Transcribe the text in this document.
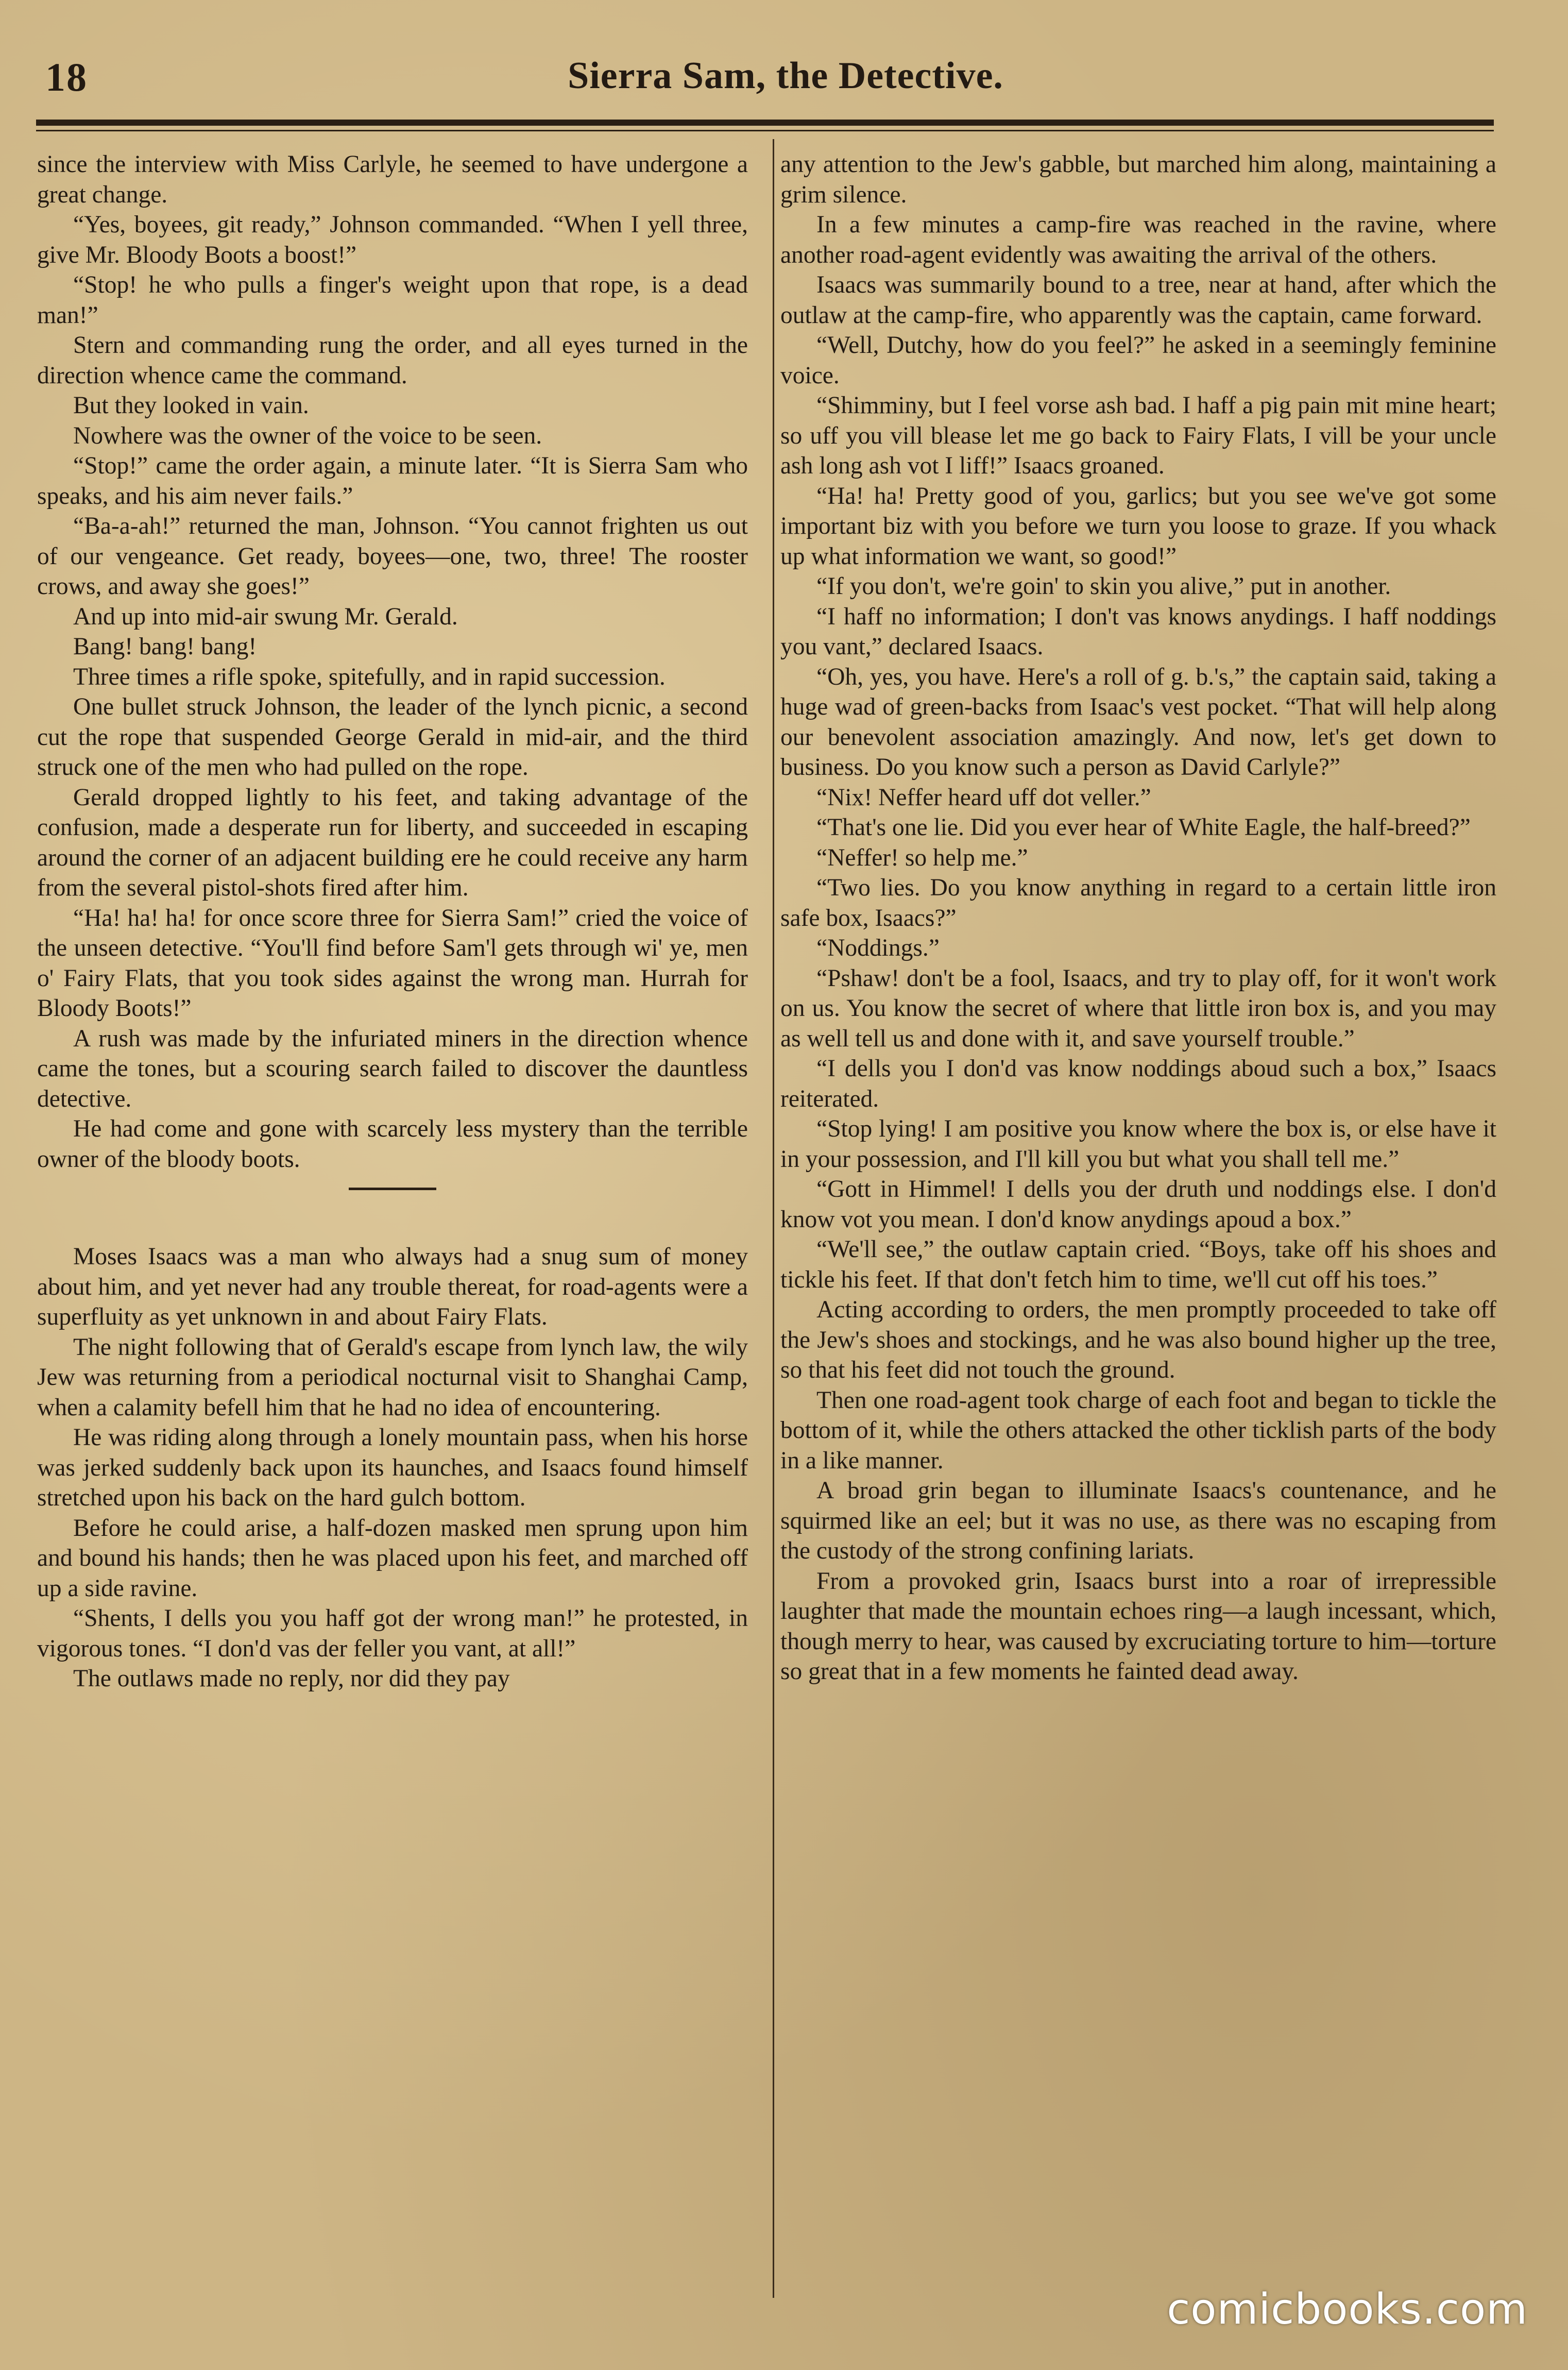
18	Sierra Sam, the Detective.

since the interview with Miss Carlyle, he seemed to have undergone a great change.

“Yes, boyees, git ready,” Johnson commanded. “When I yell three, give Mr. Bloody Boots a boost!”

“Stop! he who pulls a finger's weight upon that rope, is a dead man!”

Stern and commanding rung the order, and all eyes turned in the direction whence came the command.

But they looked in vain.

Nowhere was the owner of the voice to be seen.

“Stop!” came the order again, a minute later. “It is Sierra Sam who speaks, and his aim never fails.”

“Ba-a-ah!” returned the man, Johnson. “You cannot frighten us out of our vengeance. Get ready, boyees—one, two, three! The rooster crows, and away she goes!”

And up into mid-air swung Mr. Gerald.

Bang! bang! bang!

Three times a rifle spoke, spitefully, and in rapid succession.

One bullet struck Johnson, the leader of the lynch picnic, a second cut the rope that suspended George Gerald in mid-air, and the third struck one of the men who had pulled on the rope.

Gerald dropped lightly to his feet, and taking advantage of the confusion, made a desperate run for liberty, and succeeded in escaping around the corner of an adjacent building ere he could receive any harm from the several pistol-shots fired after him.

“Ha! ha! ha! for once score three for Sierra Sam!” cried the voice of the unseen detective. “You'll find before Sam'l gets through wi' ye, men o' Fairy Flats, that you took sides against the wrong man. Hurrah for Bloody Boots!”

A rush was made by the infuriated miners in the direction whence came the tones, but a scouring search failed to discover the dauntless detective.

He had come and gone with scarcely less mystery than the terrible owner of the bloody boots.

Moses Isaacs was a man who always had a snug sum of money about him, and yet never had any trouble thereat, for road-agents were a superfluity as yet unknown in and about Fairy Flats.

The night following that of Gerald's escape from lynch law, the wily Jew was returning from a periodical nocturnal visit to Shanghai Camp, when a calamity befell him that he had no idea of encountering.

He was riding along through a lonely mountain pass, when his horse was jerked suddenly back upon its haunches, and Isaacs found himself stretched upon his back on the hard gulch bottom.

Before he could arise, a half-dozen masked men sprung upon him and bound his hands; then he was placed upon his feet, and marched off up a side ravine.

“Shents, I dells you you haff got der wrong man!” he protested, in vigorous tones. “I don'd vas der feller you vant, at all!”

The outlaws made no reply, nor did they pay

any attention to the Jew's gabble, but marched him along, maintaining a grim silence.

In a few minutes a camp-fire was reached in the ravine, where another road-agent evidently was awaiting the arrival of the others.

Isaacs was summarily bound to a tree, near at hand, after which the outlaw at the camp-fire, who apparently was the captain, came forward.

“Well, Dutchy, how do you feel?” he asked in a seemingly feminine voice.

“Shimminy, but I feel vorse ash bad. I haff a pig pain mit mine heart; so uff you vill blease let me go back to Fairy Flats, I vill be your uncle ash long ash vot I liff!” Isaacs groaned.

“Ha! ha! Pretty good of you, garlics; but you see we've got some important biz with you before we turn you loose to graze. If you whack up what information we want, so good!”

“If you don't, we're goin' to skin you alive,” put in another.

“I haff no information; I don't vas knows anydings. I haff noddings you vant,” declared Isaacs.

“Oh, yes, you have. Here's a roll of g. b.'s,” the captain said, taking a huge wad of green-backs from Isaac's vest pocket. “That will help along our benevolent association amazingly. And now, let's get down to business. Do you know such a person as David Carlyle?”

“Nix! Neffer heard uff dot veller.”

“That's one lie. Did you ever hear of White Eagle, the half-breed?”

“Neffer! so help me.”

“Two lies. Do you know anything in regard to a certain little iron safe box, Isaacs?”

“Noddings.”

“Pshaw! don't be a fool, Isaacs, and try to play off, for it won't work on us. You know the secret of where that little iron box is, and you may as well tell us and done with it, and save yourself trouble.”

“I dells you I don'd vas know noddings aboud such a box,” Isaacs reiterated.

“Stop lying! I am positive you know where the box is, or else have it in your possession, and I'll kill you but what you shall tell me.”

“Gott in Himmel! I dells you der druth und noddings else. I don'd know vot you mean. I don'd know anydings apoud a box.”

“We'll see,” the outlaw captain cried. “Boys, take off his shoes and tickle his feet. If that don't fetch him to time, we'll cut off his toes.”

Acting according to orders, the men promptly proceeded to take off the Jew's shoes and stockings, and he was also bound higher up the tree, so that his feet did not touch the ground.

Then one road-agent took charge of each foot and began to tickle the bottom of it, while the others attacked the other ticklish parts of the body in a like manner.

A broad grin began to illuminate Isaacs's countenance, and he squirmed like an eel; but it was no use, as there was no escaping from the custody of the strong confining lariats.

From a provoked grin, Isaacs burst into a roar of irrepressible laughter that made the mountain echoes ring—a laugh incessant, which, though merry to hear, was caused by excruciating torture to him—torture so great that in a few moments he fainted dead away.

comicbooks.com
